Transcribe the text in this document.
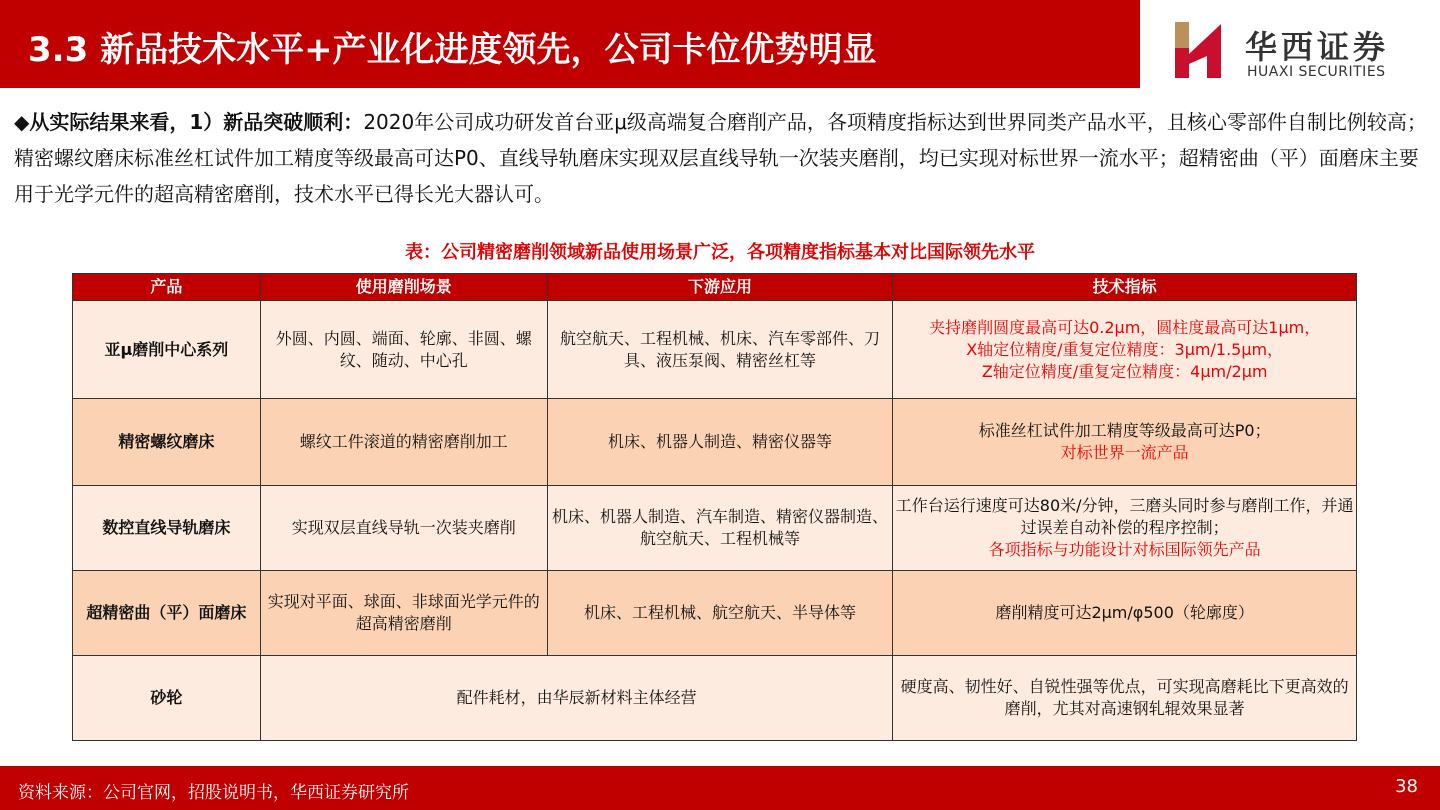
3.3 新品技术水平+产业化进度领先，公司卡位优势明显	华西证券
HUAXI SECURITIES
◆从实际结果来看，1）新品突破顺利：2020年公司成功研发首台亚μ级高端复合磨削产品，各项精度指标达到世界同类产品水平，且核心零部件自制比例较高；精密螺纹磨床标准丝杠试件加工精度等级最高可达P0、直线导轨磨床实现双层直线导轨一次装夹磨削，均已实现对标世界一流水平；超精密曲（平）面磨床主要用于光学元件的超高精密磨削，技术水平已得长光大器认可。
表：公司精密磨削领域新品使用场景广泛，各项精度指标基本对比国际领先水平
产品	使用磨削场景	下游应用	技术指标
亚μ磨削中心系列	外圆、内圆、端面、轮廓、非圆、螺纹、随动、中心孔	航空航天、工程机械、机床、汽车零部件、刀具、液压泵阀、精密丝杠等	夹持磨削圆度最高可达0.2μm，圆柱度最高可达1μm，
X轴定位精度/重复定位精度：3μm/1.5μm，
Z轴定位精度/重复定位精度：4μm/2μm

精密螺纹磨床	螺纹工件滚道的精密磨削加工	机床、机器人制造、精密仪器等	标准丝杠试件加工精度等级最高可达P0；
对标世界一流产品

数控直线导轨磨床	实现双层直线导轨一次装夹磨削	机床、机器人制造、汽车制造、精密仪器制造、航空航天、工程机械等	工作台运行速度可达80米/分钟，三磨头同时参与磨削工作，并通过误差自动补偿的程序控制；
各项指标与功能设计对标国际领先产品

超精密曲（平）面磨床	实现对平面、球面、非球面光学元件的超高精密磨削	机床、工程机械、航空航天、半导体等	磨削精度可达2μm/φ500（轮廓度）
砂轮	配件耗材，由华辰新材料主体经营		硬度高、韧性好、自锐性强等优点，可实现高磨耗比下更高效的磨削，尤其对高速钢轧辊效果显著
资料来源：公司官网，招股说明书，华西证券研究所	38
